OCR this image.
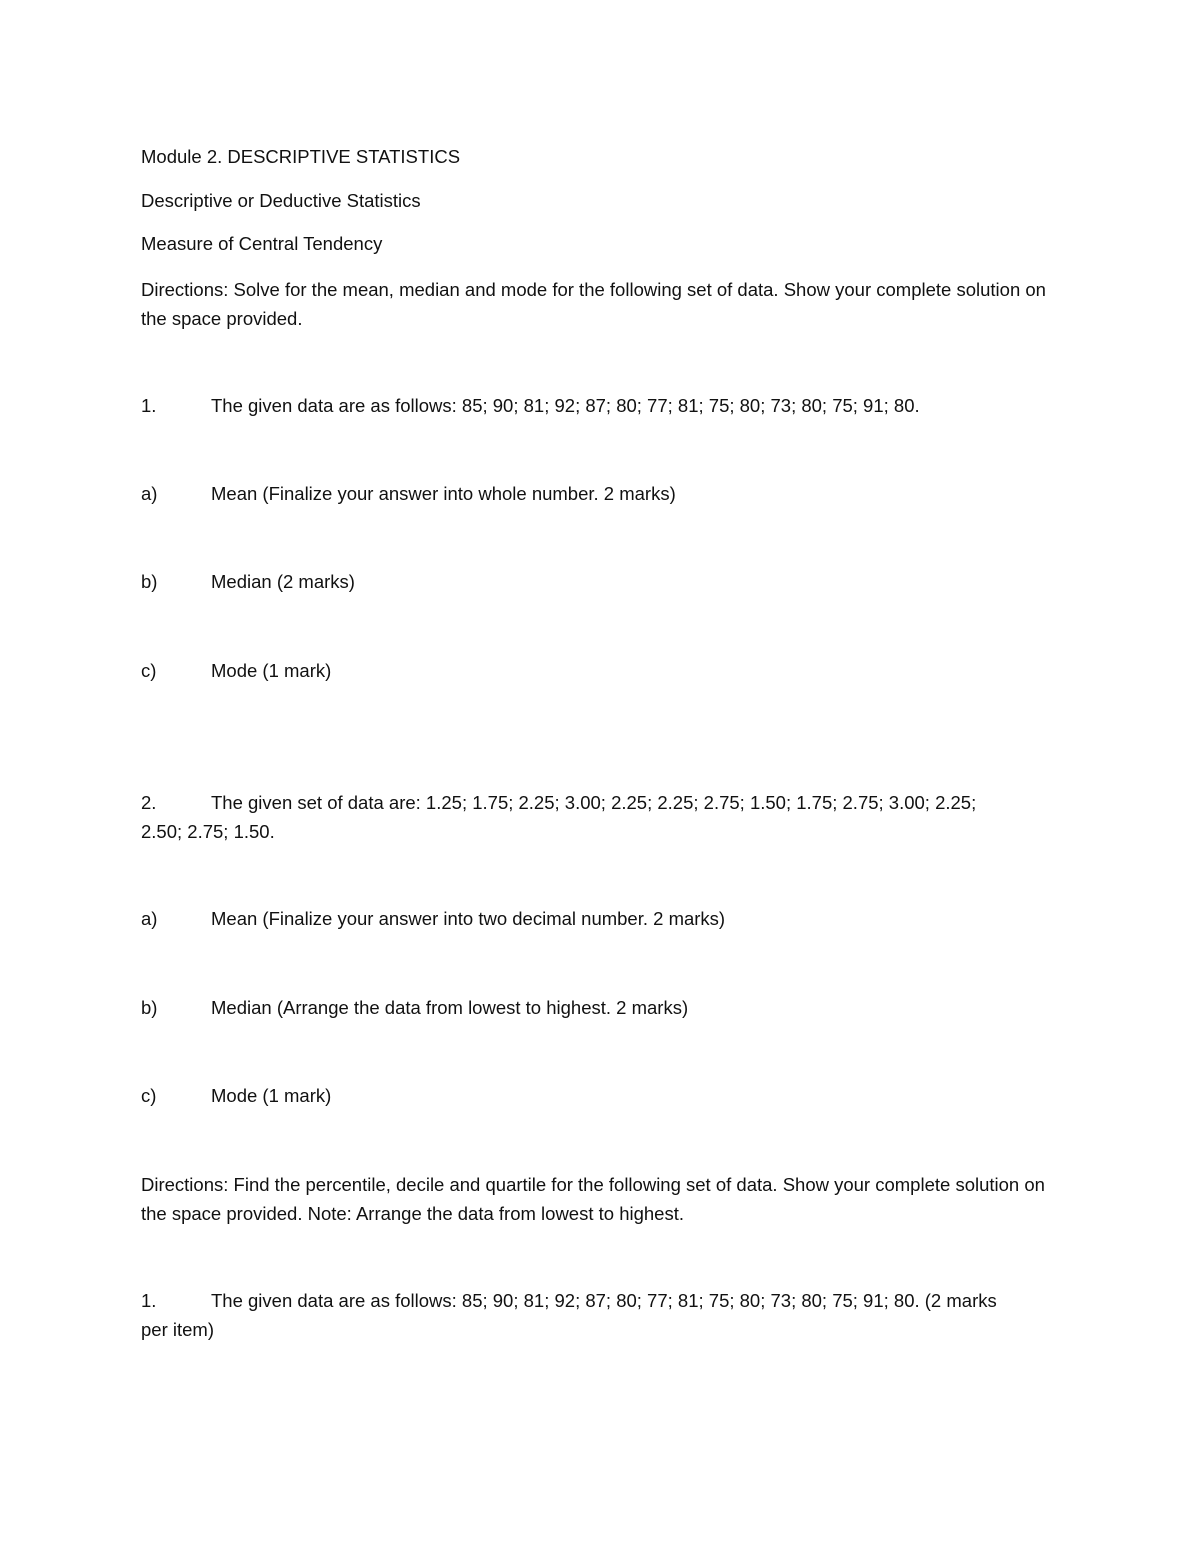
Module 2. DESCRIPTIVE STATISTICS
Descriptive or Deductive Statistics
Measure of Central Tendency
Directions: Solve for the mean, median and mode for the following set of data. Show your complete solution on the space provided.
1.	The given data are as follows: 85; 90; 81; 92; 87; 80; 77; 81; 75; 80; 73; 80; 75; 91; 80.
a)	Mean (Finalize your answer into whole number. 2 marks)
b)	Median (2 marks)
c)	Mode (1 mark)
2.	The given set of data are: 1.25; 1.75; 2.25; 3.00; 2.25; 2.25; 2.75; 1.50; 1.75; 2.75; 3.00; 2.25;
2.50; 2.75; 1.50.
a)	Mean (Finalize your answer into two decimal number. 2 marks)
b)	Median (Arrange the data from lowest to highest. 2 marks)
c)	Mode (1 mark)
Directions: Find the percentile, decile and quartile for the following set of data. Show your complete solution on the space provided. Note: Arrange the data from lowest to highest.
1.	The given data are as follows: 85; 90; 81; 92; 87; 80; 77; 81; 75; 80; 73; 80; 75; 91; 80. (2 marks
per item)
